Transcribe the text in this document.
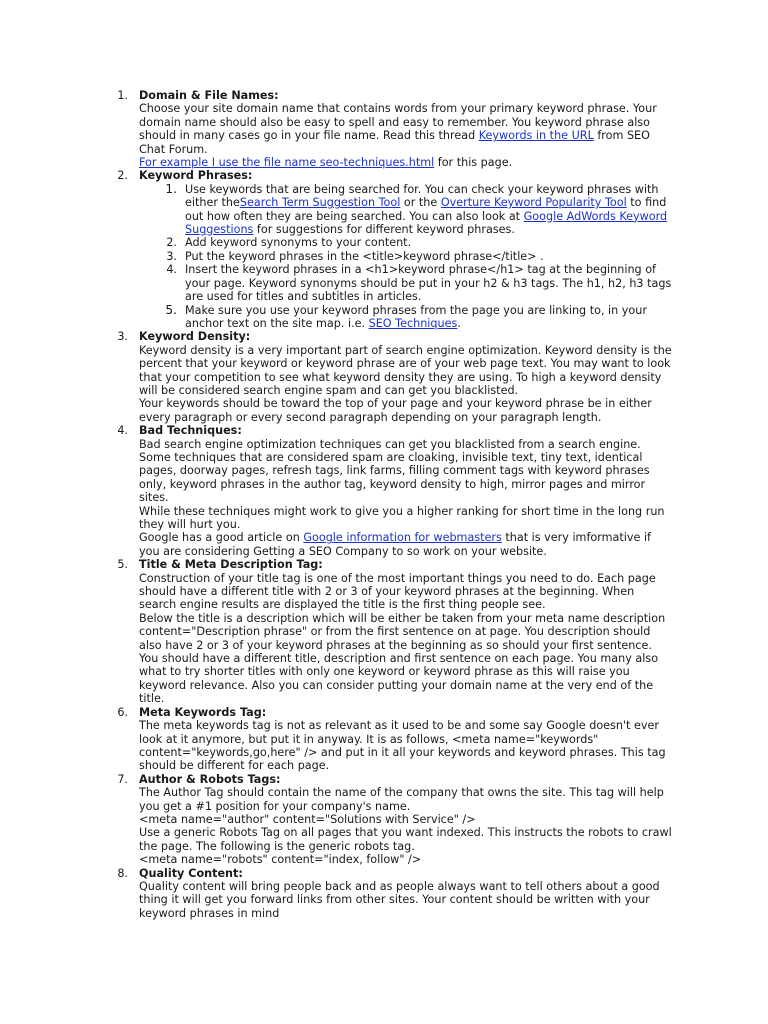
1. Domain & File Names:
Choose your site domain name that contains words from your primary keyword phrase. Your domain name should also be easy to spell and easy to remember. You keyword phrase also should in many cases go in your file name. Read this thread Keywords in the URL from SEO Chat Forum.
For example I use the file name seo-techniques.html for this page.
2. Keyword Phrases:
1. Use keywords that are being searched for. You can check your keyword phrases with either theSearch Term Suggestion Tool or the Overture Keyword Popularity Tool to find out how often they are being searched. You can also look at Google AdWords Keyword Suggestions for suggestions for different keyword phrases.
2. Add keyword synonyms to your content.
3. Put the keyword phrases in the <title>keyword phrase</title> .
4. Insert the keyword phrases in a <h1>keyword phrase</h1> tag at the beginning of your page. Keyword synonyms should be put in your h2 & h3 tags. The h1, h2, h3 tags are used for titles and subtitles in articles.
5. Make sure you use your keyword phrases from the page you are linking to, in your anchor text on the site map. i.e. SEO Techniques.
3. Keyword Density:
Keyword density is a very important part of search engine optimization. Keyword density is the percent that your keyword or keyword phrase are of your web page text. You may want to look that your competition to see what keyword density they are using. To high a keyword density will be considered search engine spam and can get you blacklisted.
Your keywords should be toward the top of your page and your keyword phrase be in either every paragraph or every second paragraph depending on your paragraph length.
4. Bad Techniques:
Bad search engine optimization techniques can get you blacklisted from a search engine. Some techniques that are considered spam are cloaking, invisible text, tiny text, identical pages, doorway pages, refresh tags, link farms, filling comment tags with keyword phrases only, keyword phrases in the author tag, keyword density to high, mirror pages and mirror sites.
While these techniques might work to give you a higher ranking for short time in the long run they will hurt you.
Google has a good article on Google information for webmasters that is very imformative if you are considering Getting a SEO Company to so work on your website.
5. Title & Meta Description Tag:
Construction of your title tag is one of the most important things you need to do. Each page should have a different title with 2 or 3 of your keyword phrases at the beginning. When search engine results are displayed the title is the first thing people see.
Below the title is a description which will be either be taken from your meta name description content="Description phrase" or from the first sentence on at page. You description should also have 2 or 3 of your keyword phrases at the beginning as so should your first sentence. You should have a different title, description and first sentence on each page. You many also what to try shorter titles with only one keyword or keyword phrase as this will raise you keyword relevance. Also you can consider putting your domain name at the very end of the title.
6. Meta Keywords Tag:
The meta keywords tag is not as relevant as it used to be and some say Google doesn't ever look at it anymore, but put it in anyway. It is as follows, <meta name="keywords" content="keywords,go,here" /> and put in it all your keywords and keyword phrases. This tag should be different for each page.
7. Author & Robots Tags:
The Author Tag should contain the name of the company that owns the site. This tag will help you get a #1 position for your company's name.
<meta name="author" content="Solutions with Service" />
Use a generic Robots Tag on all pages that you want indexed. This instructs the robots to crawl the page. The following is the generic robots tag.
<meta name="robots" content="index, follow" />
8. Quality Content:
Quality content will bring people back and as people always want to tell others about a good thing it will get you forward links from other sites. Your content should be written with your keyword phrases in mind
